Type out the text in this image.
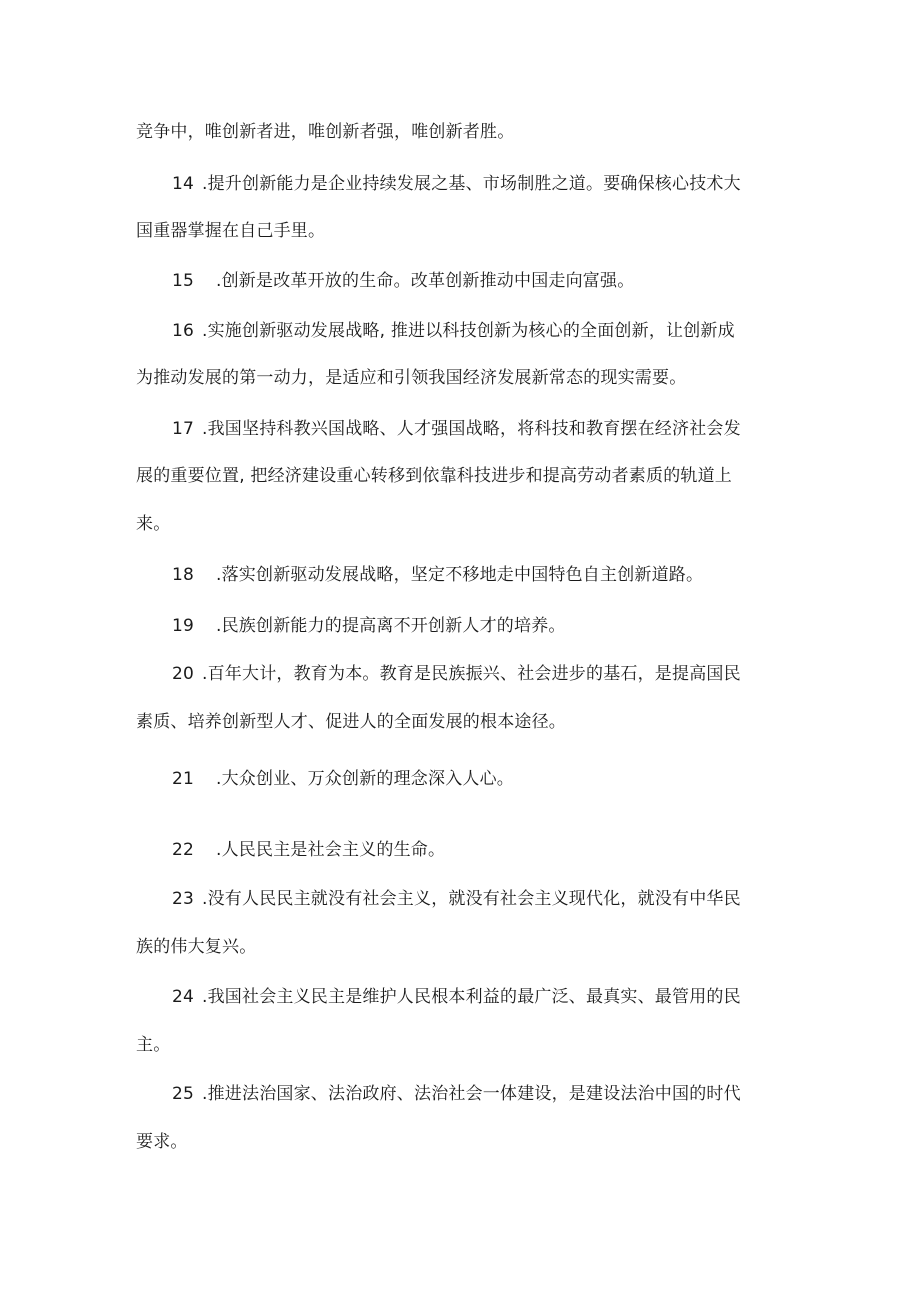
竞争中，唯创新者进，唯创新者强，唯创新者胜。
14 .提升创新能力是企业持续发展之基、市场制胜之道。要确保核心技术大
国重器掌握在自己手里。
15 .创新是改革开放的生命。改革创新推动中国走向富强。
16 .实施创新驱动发展战略, 推进以科技创新为核心的全面创新，让创新成
为推动发展的第一动力，是适应和引领我国经济发展新常态的现实需要。
17 .我国坚持科教兴国战略、人才强国战略，将科技和教育摆在经济社会发
展的重要位置, 把经济建设重心转移到依靠科技进步和提高劳动者素质的轨道上
来。
18 .落实创新驱动发展战略，坚定不移地走中国特色自主创新道路。
19 .民族创新能力的提高离不开创新人才的培养。
20 .百年大计，教育为本。教育是民族振兴、社会进步的基石，是提高国民
素质、培养创新型人才、促进人的全面发展的根本途径。
21 .大众创业、万众创新的理念深入人心。
22 .人民民主是社会主义的生命。
23 .没有人民民主就没有社会主义，就没有社会主义现代化，就没有中华民
族的伟大复兴。
24 .我国社会主义民主是维护人民根本利益的最广泛、最真实、最管用的民
主。
25 .推进法治国家、法治政府、法治社会一体建设，是建设法治中国的时代
要求。
